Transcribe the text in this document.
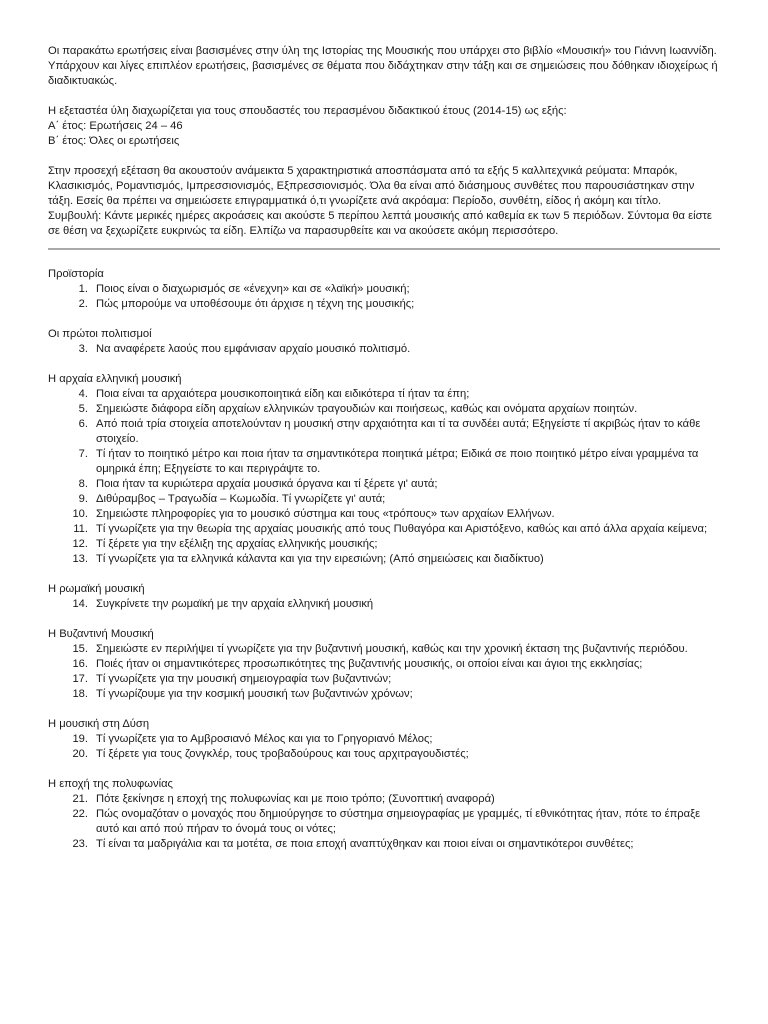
Οι παρακάτω ερωτήσεις είναι βασισμένες στην ύλη της Ιστορίας της Μουσικής που υπάρχει στο βιβλίο «Μουσική» του Γιάννη Ιωαννίδη. Υπάρχουν και λίγες επιπλέον ερωτήσεις, βασισμένες σε θέματα που διδάχτηκαν στην τάξη και σε σημειώσεις που δόθηκαν ιδιοχείρως ή διαδικτυακώς.

Η εξεταστέα ύλη διαχωρίζεται για τους σπουδαστές του περασμένου διδακτικού έτους (2014-15) ως εξής:

Α΄ έτος: Ερωτήσεις 24 – 46

Β΄ έτος: Όλες οι ερωτήσεις

Στην προσεχή εξέταση θα ακουστούν ανάμεικτα 5 χαρακτηριστικά αποσπάσματα από τα εξής 5 καλλιτεχνικά ρεύματα: Μπαρόκ, Κλασικισμός, Ρομαντισμός, Ιμπρεσσιονισμός, Εξπρεσσιονισμός. Όλα θα είναι από διάσημους συνθέτες που παρουσιάστηκαν στην τάξη. Εσείς θα πρέπει να σημειώσετε επιγραμματικά ό,τι γνωρίζετε ανά ακρόαμα: Περίοδο, συνθέτη, είδος ή ακόμη και τίτλο.

Συμβουλή: Κάντε μερικές ημέρες ακροάσεις και ακούστε 5 περίπου λεπτά μουσικής από καθεμία εκ των 5 περιόδων. Σύντομα θα είστε σε θέση να ξεχωρίζετε ευκρινώς τα είδη. Ελπίζω να παρασυρθείτε και να ακούσετε ακόμη περισσότερο.

Προϊστορία

1. Ποιος είναι ο διαχωρισμός σε «ένεχνη» και σε «λαϊκή» μουσική;
2. Πώς μπορούμε να υποθέσουμε ότι άρχισε η τέχνη της μουσικής;

Οι πρώτοι πολιτισμοί

3. Να αναφέρετε λαούς που εμφάνισαν αρχαίο μουσικό πολιτισμό.

Η αρχαία ελληνική μουσική

4. Ποια είναι τα αρχαιότερα μουσικοποιητικά είδη και ειδικότερα τί ήταν τα έπη;
5. Σημειώστε διάφορα είδη αρχαίων ελληνικών τραγουδιών και ποιήσεως, καθώς και ονόματα αρχαίων ποιητών.
6. Από ποιά τρία στοιχεία αποτελούνταν η μουσική στην αρχαιότητα και τί τα συνδέει αυτά; Εξηγείστε τί ακριβώς ήταν το κάθε στοιχείο.
7. Τί ήταν το ποιητικό μέτρο και ποια ήταν τα σημαντικότερα ποιητικά μέτρα; Ειδικά σε ποιο ποιητικό μέτρο είναι γραμμένα τα ομηρικά έπη; Εξηγείστε το και περιγράψτε το.
8. Ποια ήταν τα κυριώτερα αρχαία μουσικά όργανα και τί ξέρετε γι' αυτά;
9. Διθύραμβος – Τραγωδία – Κωμωδία. Τί γνωρίζετε γι' αυτά;
10. Σημειώστε πληροφορίες για το μουσικό σύστημα και τους «τρόπους» των αρχαίων Ελλήνων.
11. Τί γνωρίζετε για την θεωρία της αρχαίας μουσικής από τους Πυθαγόρα και Αριστόξενο, καθώς και από άλλα αρχαία κείμενα;
12. Τί ξέρετε για την εξέλιξη της αρχαίας ελληνικής μουσικής;
13. Τί γνωρίζετε για τα ελληνικά κάλαντα και για την ειρεσιώνη; (Από σημειώσεις και διαδίκτυο)

Η ρωμαϊκή μουσική

14. Συγκρίνετε την ρωμαϊκή με την αρχαία ελληνική μουσική

Η Βυζαντινή Μουσική

15. Σημειώστε εν περιλήψει τί γνωρίζετε για την βυζαντινή μουσική, καθώς και την χρονική έκταση της βυζαντινής περιόδου.
16. Ποιές ήταν οι σημαντικότερες προσωπικότητες της βυζαντινής μουσικής, οι οποίοι είναι και άγιοι της εκκλησίας;
17. Τί γνωρίζετε για την μουσική σημειογραφία των βυζαντινών;
18. Τί γνωρίζουμε για την κοσμική μουσική των βυζαντινών χρόνων;

Η μουσική στη Δύση

19. Τί γνωρίζετε για το Αμβροσιανό Μέλος και για το Γρηγοριανό Μέλος;
20. Τί ξέρετε για τους ζονγκλέρ, τους τροβαδούρους και τους αρχιτραγουδιστές;

Η εποχή της πολυφωνίας

21. Πότε ξεκίνησε η εποχή της πολυφωνίας και με ποιο τρόπο; (Συνοπτική αναφορά)
22. Πώς ονομαζόταν ο μοναχός που δημιούργησε το σύστημα σημειογραφίας με γραμμές, τί εθνικότητας ήταν, πότε το έπραξε αυτό και από πού πήραν το όνομά τους οι νότες;
23. Τί είναι τα μαδριγάλια και τα μοτέτα, σε ποια εποχή αναπτύχθηκαν και ποιοι είναι οι σημαντικότεροι συνθέτες;
